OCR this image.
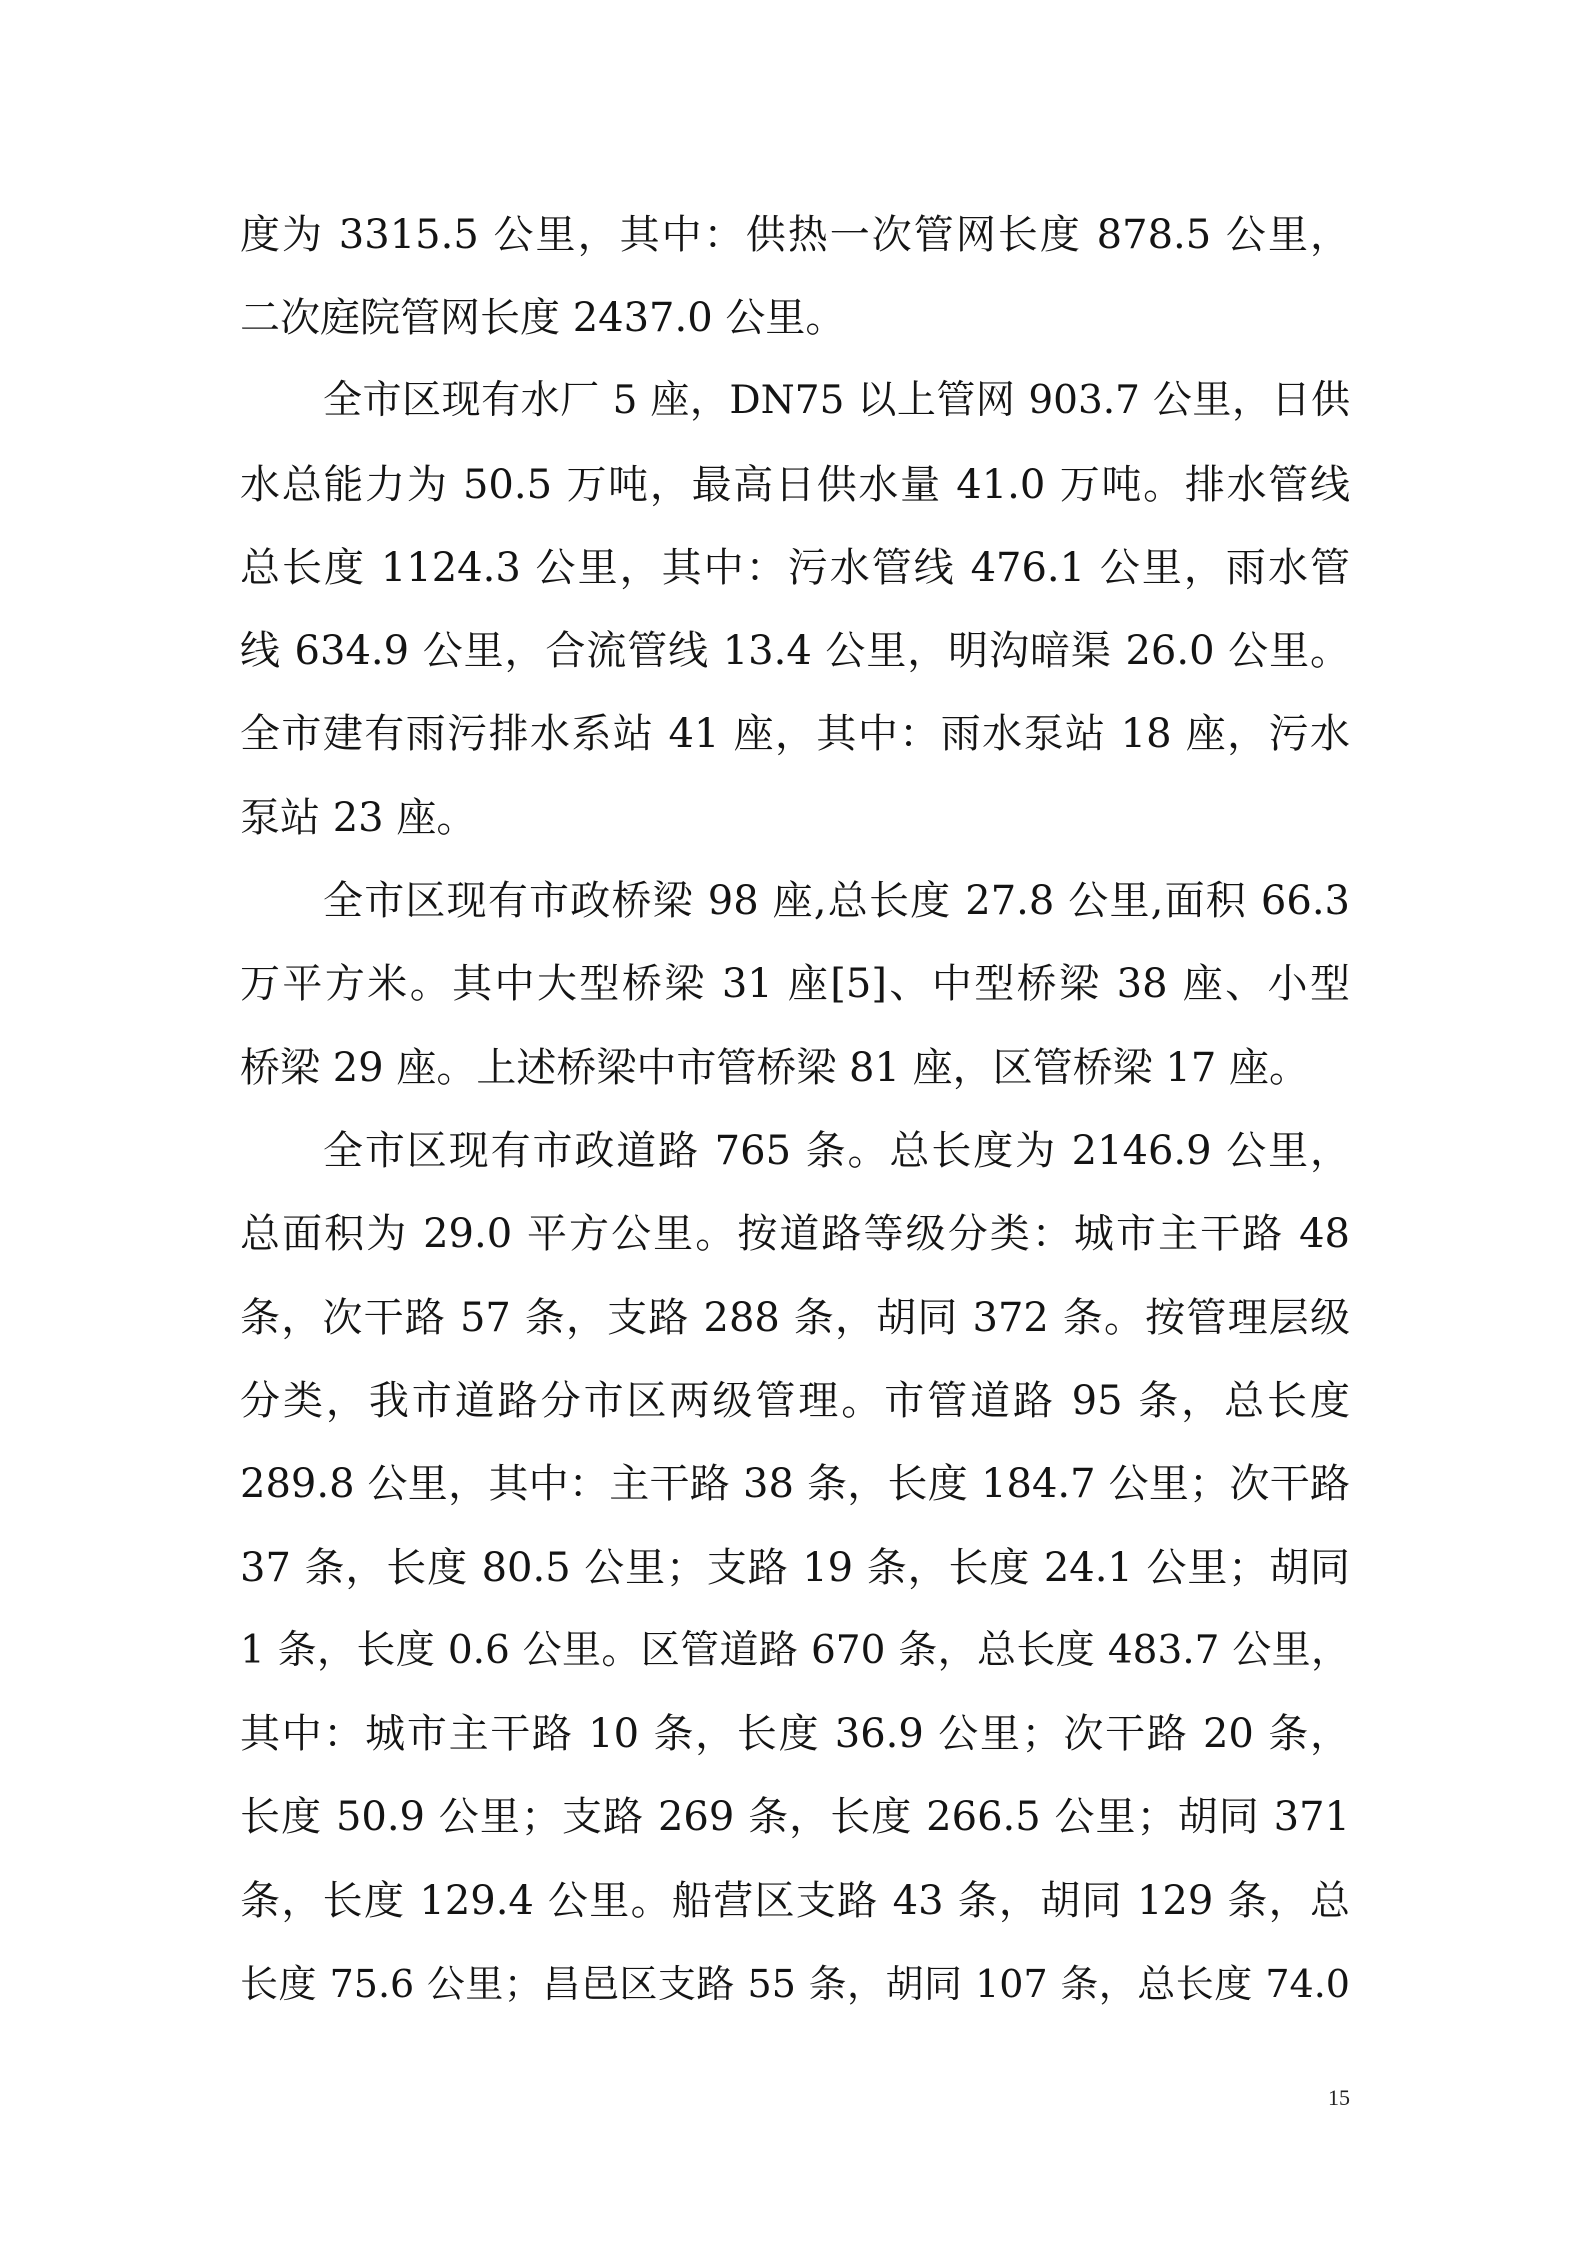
度为 3315.5 公里，其中：供热一次管网长度 878.5 公里，
二次庭院管网长度 2437.0 公里。
全市区现有水厂 5 座，DN75 以上管网 903.7 公里，日供
水总能力为 50.5 万吨，最高日供水量 41.0 万吨。排水管线
总长度 1124.3 公里，其中：污水管线 476.1 公里，雨水管
线 634.9 公里，合流管线 13.4 公里，明沟暗渠 26.0 公里。
全市建有雨污排水系站 41 座，其中：雨水泵站 18 座，污水
泵站 23 座。
全市区现有市政桥梁 98 座,总长度 27.8 公里,面积 66.3
万平方米。其中大型桥梁 31 座[5]、中型桥梁 38 座、小型
桥梁 29 座。上述桥梁中市管桥梁 81 座，区管桥梁 17 座。
全市区现有市政道路 765 条。总长度为 2146.9 公里，
总面积为 29.0 平方公里。按道路等级分类：城市主干路 48
条，次干路 57 条，支路 288 条，胡同 372 条。按管理层级
分类，我市道路分市区两级管理。市管道路 95 条，总长度
289.8 公里，其中：主干路 38 条，长度 184.7 公里；次干路
37 条，长度 80.5 公里；支路 19 条，长度 24.1 公里；胡同
1 条，长度 0.6 公里。区管道路 670 条，总长度 483.7 公里，
其中：城市主干路 10 条，长度 36.9 公里；次干路 20 条，
长度 50.9 公里；支路 269 条，长度 266.5 公里；胡同 371
条，长度 129.4 公里。船营区支路 43 条，胡同 129 条，总
长度 75.6 公里；昌邑区支路 55 条，胡同 107 条，总长度 74.0
15
